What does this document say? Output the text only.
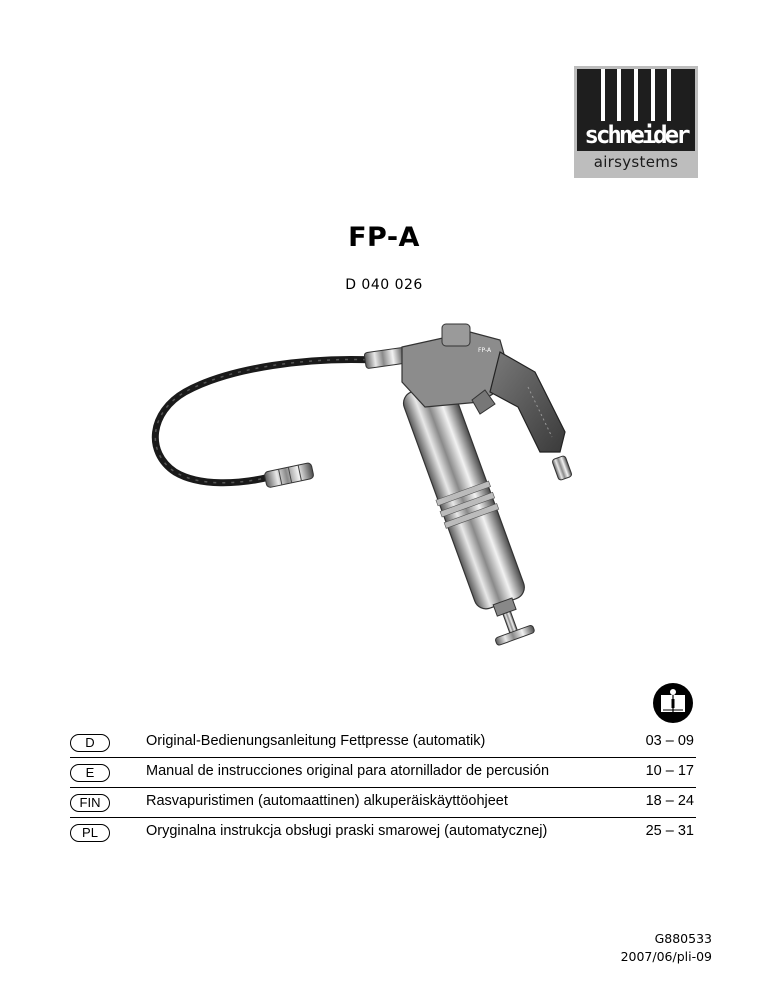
schneider
airsystems
FP-A
D 040 026
FP-A
D	Original-Bedienungsanleitung Fettpresse (automatik)	03 – 09
E	Manual de instrucciones original para atornillador de percusión	10 – 17
FIN	Rasvapuristimen (automaattinen) alkuperäiskäyttöohjeet	18 – 24
PL	Oryginalna instrukcja obsługi praski smarowej (automatycznej)	25 – 31
G880533
2007/06/pli-09
